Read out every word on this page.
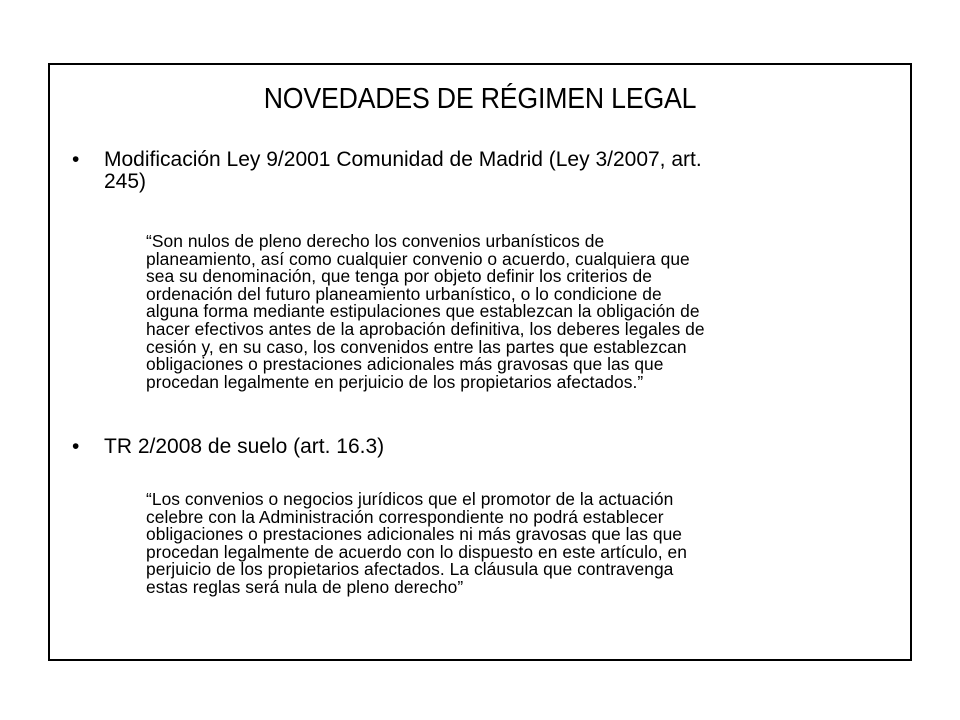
NOVEDADES DE RÉGIMEN LEGAL
• Modificación Ley 9/2001 Comunidad de Madrid (Ley 3/2007, art.
245)
“Son nulos de pleno derecho los convenios urbanísticos de
planeamiento, así como cualquier convenio o acuerdo, cualquiera que
sea su denominación, que tenga por objeto definir los criterios de
ordenación del futuro planeamiento urbanístico, o lo condicione de
alguna forma mediante estipulaciones que establezcan la obligación de
hacer efectivos antes de la aprobación definitiva, los deberes legales de
cesión y, en su caso, los convenidos entre las partes que establezcan
obligaciones o prestaciones adicionales más gravosas que las que
procedan legalmente en perjuicio de los propietarios afectados.”
• TR 2/2008 de suelo (art. 16.3)
“Los convenios o negocios jurídicos que el promotor de la actuación
celebre con la Administración correspondiente no podrá establecer
obligaciones o prestaciones adicionales ni más gravosas que las que
procedan legalmente de acuerdo con lo dispuesto en este artículo, en
perjuicio de los propietarios afectados. La cláusula que contravenga
estas reglas será nula de pleno derecho”
